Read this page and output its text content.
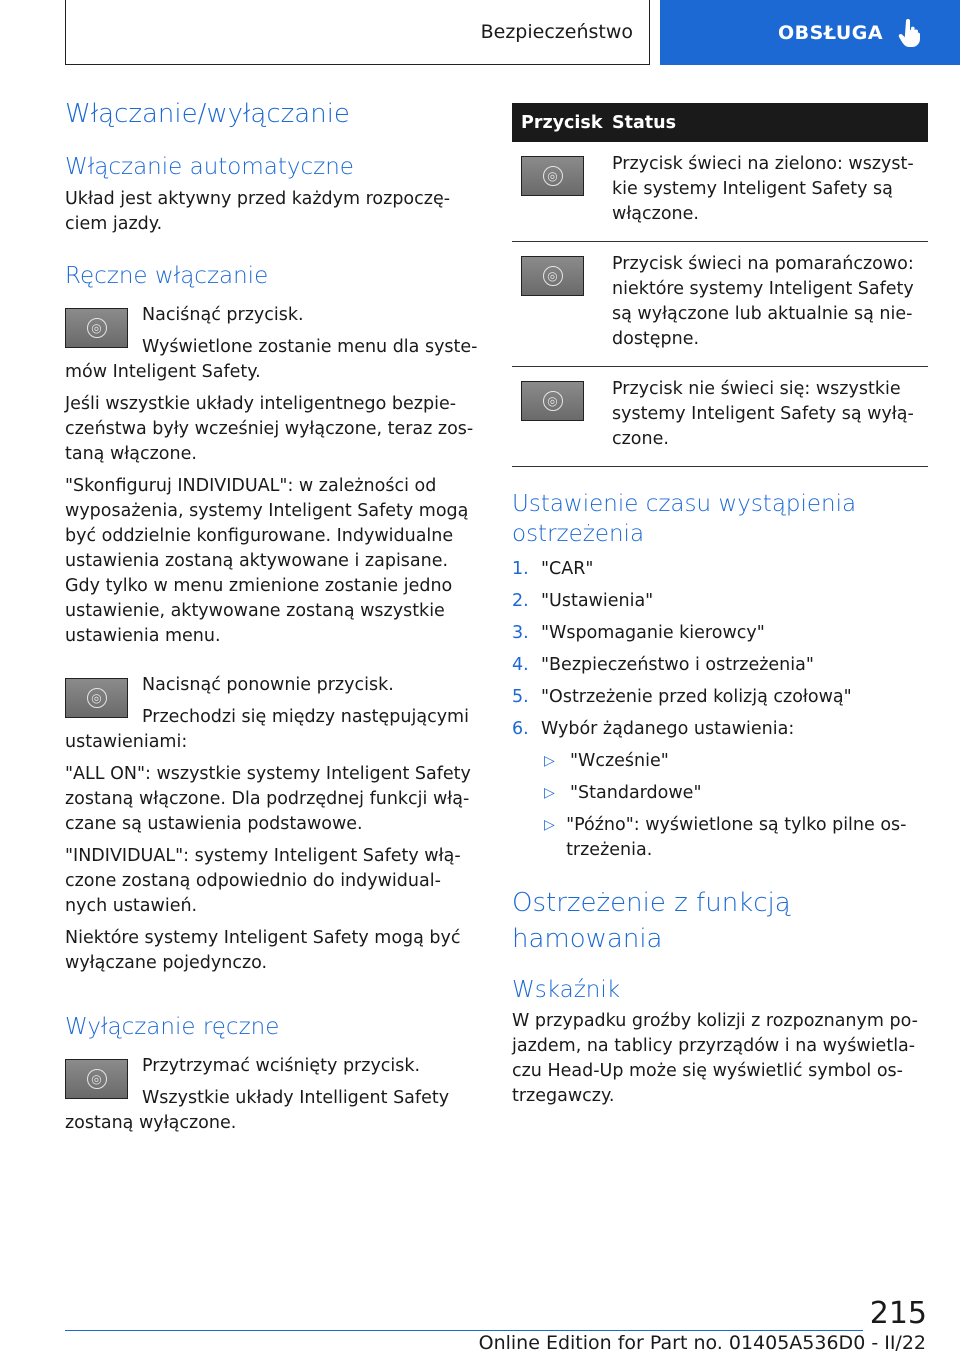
Bezpieczeństwo	OBSŁUGA
Włączanie/wyłączanie
Włączanie automatyczne

Układ jest aktywny przed każdym rozpoczę-ciem jazdy.

Ręczne włączanie
◎

Naciśnąć przycisk.

Wyświetlone zostanie menu dla syste-

mów Inteligent Safety.

Jeśli wszystkie układy inteligentnego bezpie-czeństwa były wcześniej wyłączone, teraz zos-taną włączone.

"Skonfiguruj INDIVIDUAL": w zależności od wyposażenia, systemy Inteligent Safety mogą być oddzielnie konfigurowane. Indywidualne ustawienia zostaną aktywowane i zapisane. Gdy tylko w menu zmienione zostanie jedno ustawienie, aktywowane zostaną wszystkie ustawienia menu.

◎

Nacisnąć ponownie przycisk.

Przechodzi się między następującymi

ustawieniami:

"ALL ON": wszystkie systemy Inteligent Safety zostaną włączone. Dla podrzędnej funkcji włą-czane są ustawienia podstawowe.

"INDIVIDUAL": systemy Inteligent Safety włą-czone zostaną odpowiednio do indywidual-nych ustawień.

Niektóre systemy Inteligent Safety mogą być wyłączane pojedynczo.

Wyłączanie ręczne
◎

Przytrzymać wciśnięty przycisk.

Wszystkie układy Intelligent Safety

zostaną wyłączone.

Przycisk Status
◎
Przycisk świeci na zielono: wszyst-kie systemy Inteligent Safety są włączone.
◎
Przycisk świeci na pomarańczowo: niektóre systemy Inteligent Safety są wyłączone lub aktualnie są nie-dostępne.
◎
Przycisk nie świeci się: wszystkie systemy Inteligent Safety są wyłą-czone.
Ustawienie czasu wystąpienia ostrzeżenia
1. "CAR"
2. "Ustawienia"
3. "Wspomaganie kierowcy"
4. "Bezpieczeństwo i ostrzeżenia"
5. "Ostrzeżenie przed kolizją czołową"
6. Wybór żądanego ustawienia:
▷ "Wcześnie"
▷ "Standardowe"
▷ "Późno": wyświetlone są tylko pilne os-trzeżenia.
Ostrzeżenie z funkcją hamowania
Wskaźnik

W przypadku groźby kolizji z rozpoznanym po-jazdem, na tablicy przyrządów i na wyświetla-czu Head-Up może się wyświetlić symbol os-trzegawczy.

215
Online Edition for Part no. 01405A536D0 - II/22
